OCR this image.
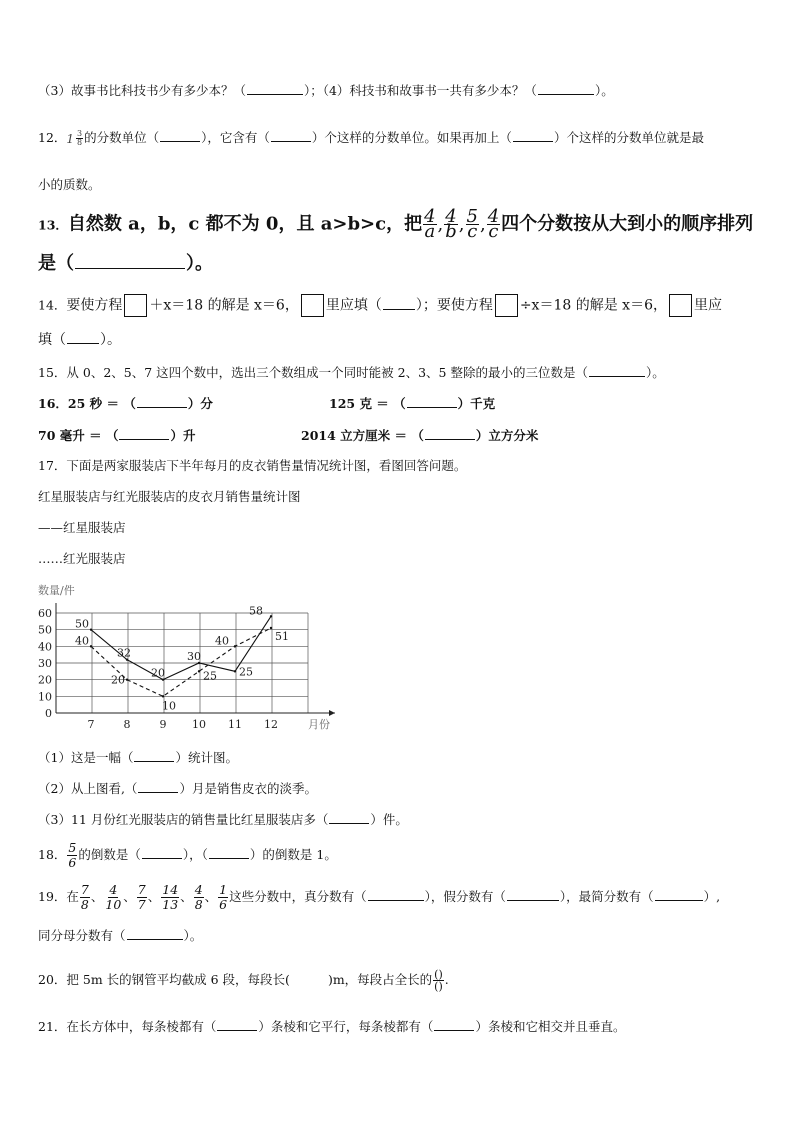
（3）故事书比科技书少有多少本？（	）；（4）科技书和故事书一共有多少本？（	）。
12． $1 \frac{3}{8}$ 的分数单位（	），它含有（	）个这样的分数单位。如果再加上（	）个这样的分数单位就是最
小的质数。
13．自然数 a，b，c 都不为 0，且 a>b>c，把 $\frac{4}{a}$ , $\frac{4}{b}$ , $\frac{5}{c}$ , $\frac{4}{c}$ 四个分数按从大到小的顺序排列
是（	）。
14．要使方程 ＋x＝18 的解是 x＝6， 里应填（ ）；要使方程 ÷x＝18 的解是 x＝6， 里应
填（ ）。
15．从 0、2、5、7 这四个数中，选出三个数组成一个同时能被 2、3、5 整除的最小的三位数是（	）。
16．25 秒 ＝ （	）分	125 克 ＝ （	）千克
70 毫升 ＝ （	）升	2014 立方厘米 ＝ （	）立方分米
17．下面是两家服装店下半年每月的皮衣销售量情况统计图，看图回答问题。
红星服装店与红光服装店的皮衣月销售量统计图
——红星服装店
……红光服装店
数量/件
月份
0
10
20
30
40
50
60
7	8	9 10 11 12
50
32
20
30
25
58
40
20
10
25
40	51
（1）这是一幅（	）统计图。
（2）从上图看,（	）月是销售皮衣的淡季。
（3）11 月份红光服装店的销售量比红星服装店多（	）件。
18． $\frac{5}{6}$ 的倒数是（	），（	）的倒数是 1。
19．在 $\frac{7}{8}$ 、 $\frac{4}{10}$ 、 $\frac{7}{7}$ 、 $\frac{14}{13}$ 、 $\frac{4}{8}$ 、 $\frac{1}{6}$ 这些分数中，真分数有（	），假分数有（	），最简分数有（	）,
同分母分数有（	）。
20．把 5m 长的钢管平均截成 6 段，每段长(	)m，每段占全长的 $\frac{()}{()}$ .
21．在长方体中，每条棱都有（	）条棱和它平行，每条棱都有（	）条棱和它相交并且垂直。
